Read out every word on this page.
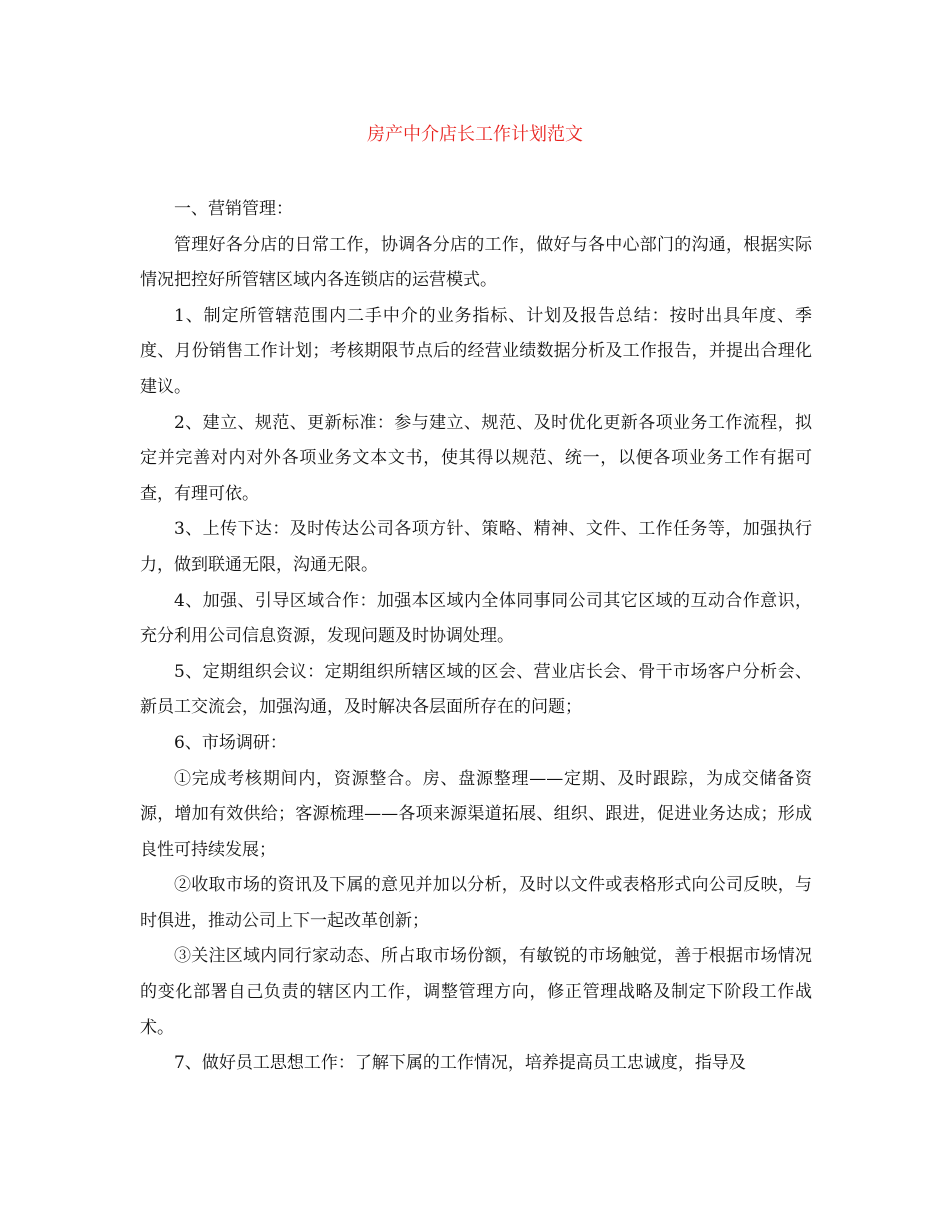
房产中介店长工作计划范文

一、营销管理：

管理好各分店的日常工作，协调各分店的工作，做好与各中心部门的沟通，根据实际情况把控好所管辖区域内各连锁店的运营模式。

1、制定所管辖范围内二手中介的业务指标、计划及报告总结：按时出具年度、季度、月份销售工作计划；考核期限节点后的经营业绩数据分析及工作报告，并提出合理化建议。

2、建立、规范、更新标准：参与建立、规范、及时优化更新各项业务工作流程，拟定并完善对内对外各项业务文本文书，使其得以规范、统一，以便各项业务工作有据可查，有理可依。

3、上传下达：及时传达公司各项方针、策略、精神、文件、工作任务等，加强执行力，做到联通无限，沟通无限。

4、加强、引导区域合作：加强本区域内全体同事同公司其它区域的互动合作意识，充分利用公司信息资源，发现问题及时协调处理。

5、定期组织会议：定期组织所辖区域的区会、营业店长会、骨干市场客户分析会、新员工交流会，加强沟通，及时解决各层面所存在的问题；

6、市场调研：

①完成考核期间内，资源整合。房、盘源整理——定期、及时跟踪，为成交储备资源，增加有效供给；客源梳理——各项来源渠道拓展、组织、跟进，促进业务达成；形成良性可持续发展；

②收取市场的资讯及下属的意见并加以分析，及时以文件或表格形式向公司反映，与时俱进，推动公司上下一起改革创新；

③关注区域内同行家动态、所占取市场份额，有敏锐的市场触觉，善于根据市场情况的变化部署自己负责的辖区内工作，调整管理方向，修正管理战略及制定下阶段工作战术。

7、做好员工思想工作：了解下属的工作情况，培养提高员工忠诚度，指导及
